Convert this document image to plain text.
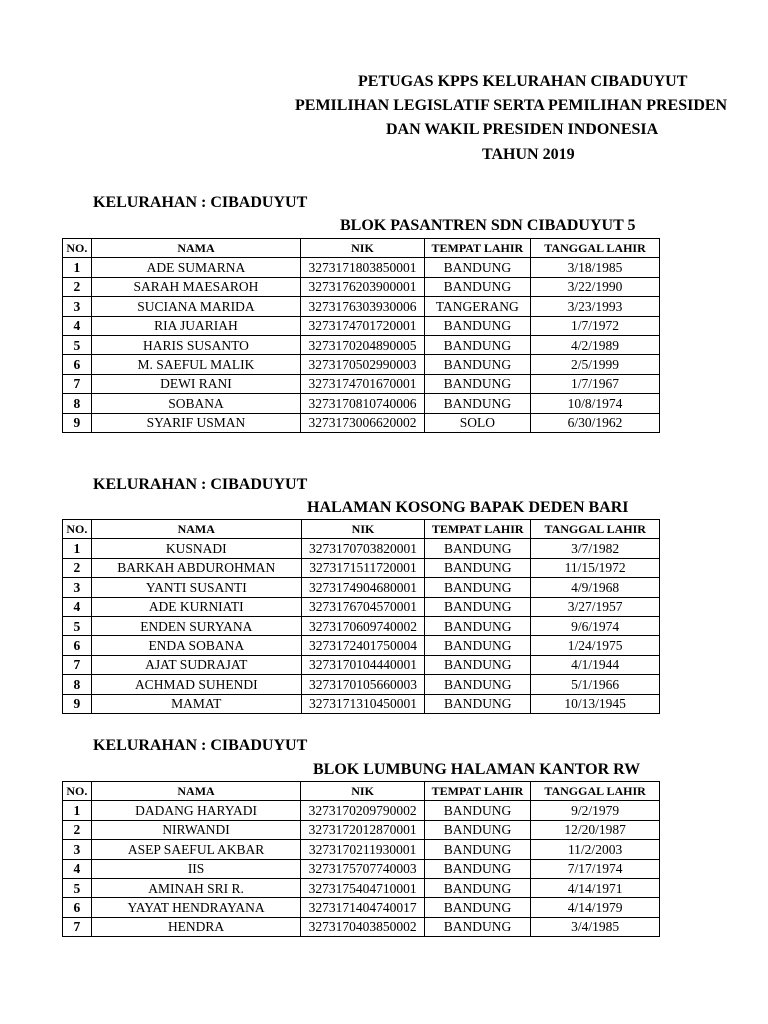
PETUGAS KPPS KELURAHAN CIBADUYUT
PEMILIHAN LEGISLATIF SERTA PEMILIHAN PRESIDEN
DAN WAKIL PRESIDEN INDONESIA
TAHUN 2019
KELURAHAN : CIBADUYUT
BLOK PASANTREN SDN CIBADUYUT 5
NO.	NAMA	NIK	TEMPAT LAHIR	TANGGAL LAHIR
1	ADE SUMARNA	3273171803850001	BANDUNG	3/18/1985
2	SARAH MAESAROH	3273176203900001	BANDUNG	3/22/1990
3	SUCIANA MARIDA	3273176303930006	TANGERANG	3/23/1993
4	RIA JUARIAH	3273174701720001	BANDUNG	1/7/1972
5	HARIS SUSANTO	3273170204890005	BANDUNG	4/2/1989
6	M. SAEFUL MALIK	3273170502990003	BANDUNG	2/5/1999
7	DEWI RANI	3273174701670001	BANDUNG	1/7/1967
8	SOBANA	3273170810740006	BANDUNG	10/8/1974
9	SYARIF USMAN	3273173006620002	SOLO	6/30/1962
KELURAHAN : CIBADUYUT
HALAMAN KOSONG BAPAK DEDEN BARI
NO.	NAMA	NIK	TEMPAT LAHIR	TANGGAL LAHIR
1	KUSNADI	3273170703820001	BANDUNG	3/7/1982
2	BARKAH ABDUROHMAN	3273171511720001	BANDUNG	11/15/1972
3	YANTI SUSANTI	3273174904680001	BANDUNG	4/9/1968
4	ADE KURNIATI	3273176704570001	BANDUNG	3/27/1957
5	ENDEN SURYANA	3273170609740002	BANDUNG	9/6/1974
6	ENDA SOBANA	3273172401750004	BANDUNG	1/24/1975
7	AJAT SUDRAJAT	3273170104440001	BANDUNG	4/1/1944
8	ACHMAD SUHENDI	3273170105660003	BANDUNG	5/1/1966
9	MAMAT	3273171310450001	BANDUNG	10/13/1945
KELURAHAN : CIBADUYUT
BLOK LUMBUNG HALAMAN KANTOR RW
NO.	NAMA	NIK	TEMPAT LAHIR	TANGGAL LAHIR
1	DADANG HARYADI	3273170209790002	BANDUNG	9/2/1979
2	NIRWANDI	3273172012870001	BANDUNG	12/20/1987
3	ASEP SAEFUL AKBAR	3273170211930001	BANDUNG	11/2/2003
4	IIS	3273175707740003	BANDUNG	7/17/1974
5	AMINAH SRI R.	3273175404710001	BANDUNG	4/14/1971
6	YAYAT HENDRAYANA	3273171404740017	BANDUNG	4/14/1979
7	HENDRA	3273170403850002	BANDUNG	3/4/1985
